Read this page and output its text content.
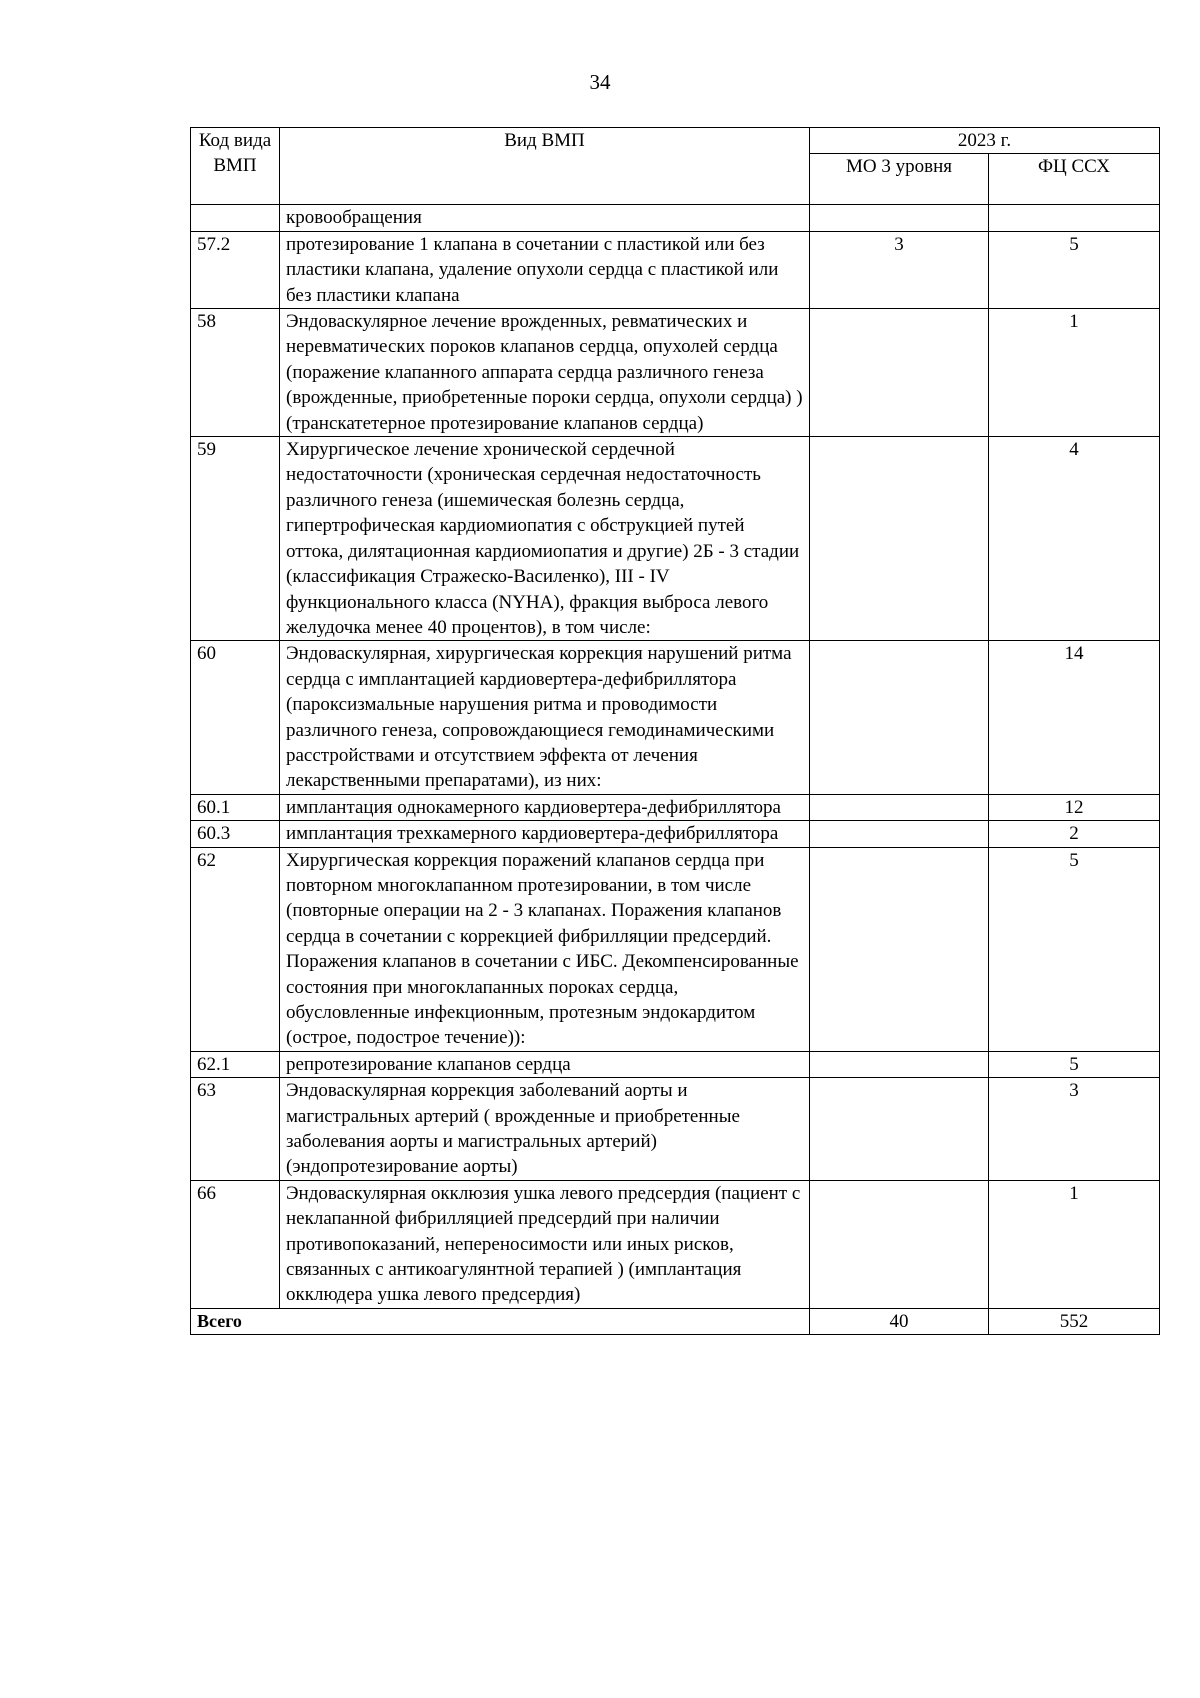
34
Код вида ВМП	Вид ВМП	2023 г.	
		МО 3 уровня	ФЦ ССХ
	кровообращения		
57.2	протезирование 1 клапана в сочетании с пластикой или без пластики клапана, удаление опухоли сердца с пластикой или без пластики клапана	3	5
58	Эндоваскулярное лечение врожденных, ревматических и неревматических пороков клапанов сердца, опухолей сердца (поражение клапанного аппарата сердца различного генеза (врожденные, приобретенные пороки сердца, опухоли сердца) )(транскатетерное протезирование клапанов сердца)		1
59	Хирургическое лечение хронической сердечной недостаточности (хроническая сердечная недостаточность различного генеза (ишемическая болезнь сердца, гипертрофическая кардиомиопатия с обструкцией путей оттока, дилятационная кардиомиопатия и другие) 2Б - 3 стадии (классификация Стражеско-Василенко), III - IV функционального класса (NYHA), фракция выброса левого желудочка менее 40 процентов), в том числе:		4
60	Эндоваскулярная, хирургическая коррекция нарушений ритма сердца с имплантацией кардиовертера-дефибриллятора (пароксизмальные нарушения ритма и проводимости различного генеза, сопровождающиеся гемодинамическими расстройствами и отсутствием эффекта от лечения лекарственными препаратами), из них:		14
60.1	имплантация однокамерного кардиовертера-дефибриллятора		12
60.3	имплантация трехкамерного кардиовертера-дефибриллятора		2
62	Хирургическая коррекция поражений клапанов сердца при повторном многоклапанном протезировании, в том числе (повторные операции на 2 - 3 клапанах. Поражения клапанов сердца в сочетании с коррекцией фибрилляции предсердий. Поражения клапанов в сочетании с ИБС. Декомпенсированные состояния при многоклапанных пороках сердца, обусловленные инфекционным, протезным эндокардитом (острое, подострое течение)):		5
62.1	репротезирование клапанов сердца		5
63	Эндоваскулярная коррекция заболеваний аорты и магистральных артерий ( врожденные и приобретенные заболевания аорты и магистральных артерий)(эндопротезирование аорты)		3
66	Эндоваскулярная окклюзия ушка левого предсердия (пациент с неклапанной фибрилляцией предсердий при наличии противопоказаний, непереносимости или иных рисков, связанных с антикоагулянтной терапией ) (имплантация окклюдера ушка левого предсердия)		1
Всего		40	552
